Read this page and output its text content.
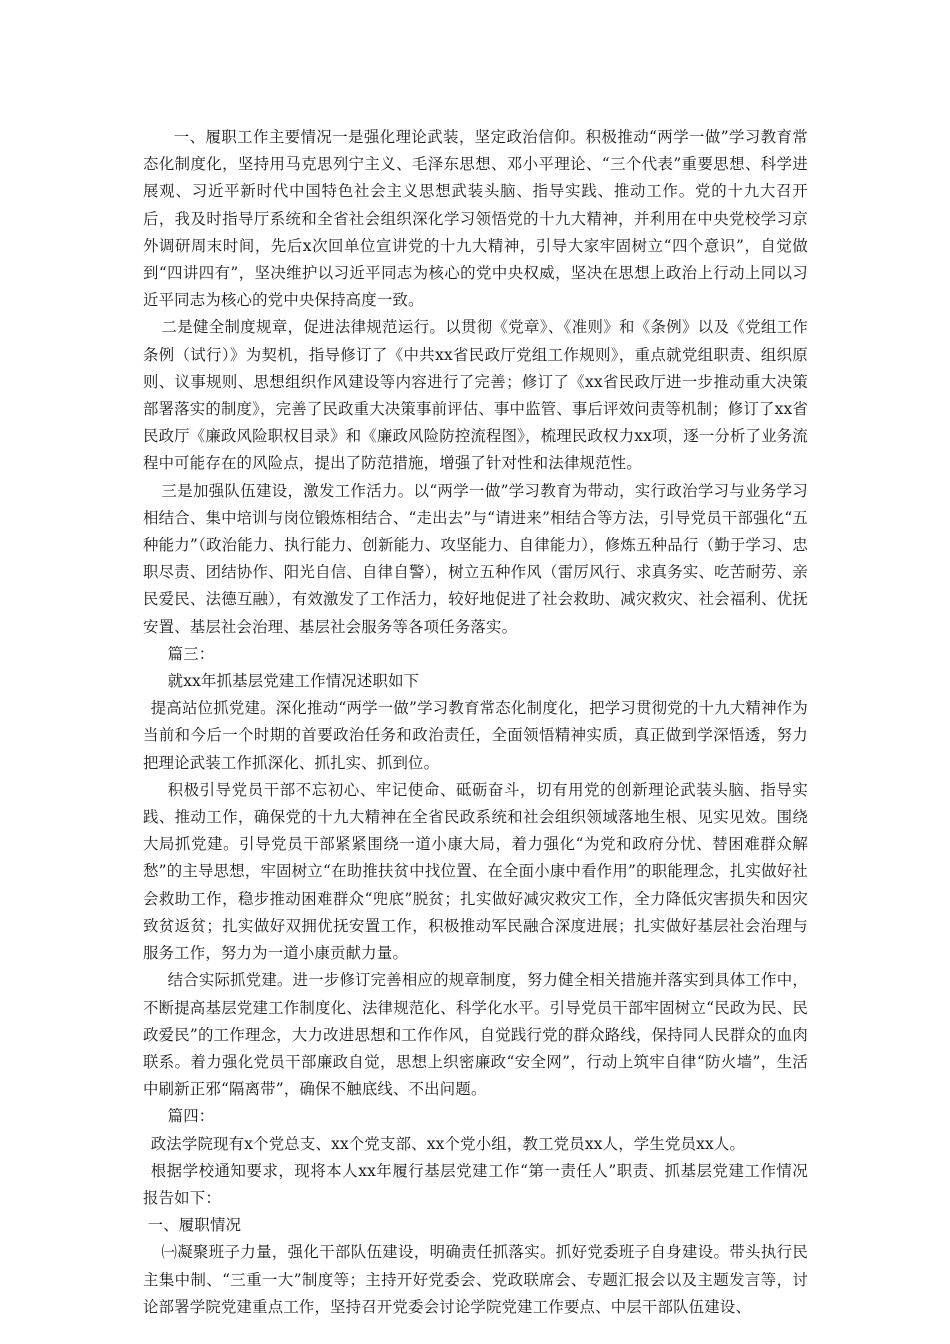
一、履职工作主要情况一是强化理论武装，坚定政治信仰。积极推动“两学一做”学习教育常态化制度化，坚持用马克思列宁主义、毛泽东思想、邓小平理论、“三个代表”重要思想、科学进展观、习近平新时代中国特色社会主义思想武装头脑、指导实践、推动工作。党的十九大召开后，我及时指导厅系统和全省社会组织深化学习领悟党的十九大精神，并利用在中央党校学习京外调研周末时间，先后x次回单位宣讲党的十九大精神，引导大家牢固树立“四个意识”，自觉做到“四讲四有”，坚决维护以习近平同志为核心的党中央权威，坚决在思想上政治上行动上同以习近平同志为核心的党中央保持高度一致。

二是健全制度规章，促进法律规范运行。以贯彻《党章》、《准则》和《条例》以及《党组工作条例（试行）》为契机，指导修订了《中共xx省民政厅党组工作规则》，重点就党组职责、组织原则、议事规则、思想组织作风建设等内容进行了完善；修订了《xx省民政厅进一步推动重大决策部署落实的制度》，完善了民政重大决策事前评估、事中监管、事后评效问责等机制；修订了xx省民政厅《廉政风险职权目录》和《廉政风险防控流程图》，梳理民政权力xx项，逐一分析了业务流程中可能存在的风险点，提出了防范措施，增强了针对性和法律规范性。

三是加强队伍建设，激发工作活力。以“两学一做”学习教育为带动，实行政治学习与业务学习相结合、集中培训与岗位锻炼相结合、“走出去”与“请进来”相结合等方法，引导党员干部强化“五种能力”（政治能力、执行能力、创新能力、攻坚能力、自律能力），修炼五种品行（勤于学习、忠职尽责、团结协作、阳光自信、自律自警），树立五种作风（雷厉风行、求真务实、吃苦耐劳、亲民爱民、法德互融），有效激发了工作活力，较好地促进了社会救助、减灾救灾、社会福利、优抚安置、基层社会治理、基层社会服务等各项任务落实。

篇三：

就xx年抓基层党建工作情况述职如下

提高站位抓党建。深化推动“两学一做”学习教育常态化制度化，把学习贯彻党的十九大精神作为当前和今后一个时期的首要政治任务和政治责任，全面领悟精神实质，真正做到学深悟透，努力把理论武装工作抓深化、抓扎实、抓到位。

积极引导党员干部不忘初心、牢记使命、砥砺奋斗，切有用党的创新理论武装头脑、指导实践、推动工作，确保党的十九大精神在全省民政系统和社会组织领域落地生根、见实见效。围绕大局抓党建。引导党员干部紧紧围绕一道小康大局，着力强化“为党和政府分忧、替困难群众解愁”的主导思想，牢固树立“在助推扶贫中找位置、在全面小康中看作用”的职能理念，扎实做好社会救助工作，稳步推动困难群众“兜底”脱贫；扎实做好减灾救灾工作，全力降低灾害损失和因灾致贫返贫；扎实做好双拥优抚安置工作，积极推动军民融合深度进展；扎实做好基层社会治理与服务工作，努力为一道小康贡献力量。

结合实际抓党建。进一步修订完善相应的规章制度，努力健全相关措施并落实到具体工作中，不断提高基层党建工作制度化、法律规范化、科学化水平。引导党员干部牢固树立“民政为民、民政爱民”的工作理念，大力改进思想和工作作风，自觉践行党的群众路线，保持同人民群众的血肉联系。着力强化党员干部廉政自觉，思想上织密廉政“安全网”，行动上筑牢自律“防火墙”，生活中刷新正邪“隔离带”，确保不触底线、不出问题。

篇四：

政法学院现有x个党总支、xx个党支部、xx个党小组，教工党员xx人，学生党员xx人。

根据学校通知要求，现将本人xx年履行基层党建工作“第一责任人”职责、抓基层党建工作情况报告如下：

一、履职情况

㈠凝聚班子力量，强化干部队伍建设，明确责任抓落实。抓好党委班子自身建设。带头执行民主集中制、“三重一大”制度等；主持开好党委会、党政联席会、专题汇报会以及主题发言等，讨论部署学院党建重点工作，坚持召开党委会讨论学院党建工作要点、中层干部队伍建设、
